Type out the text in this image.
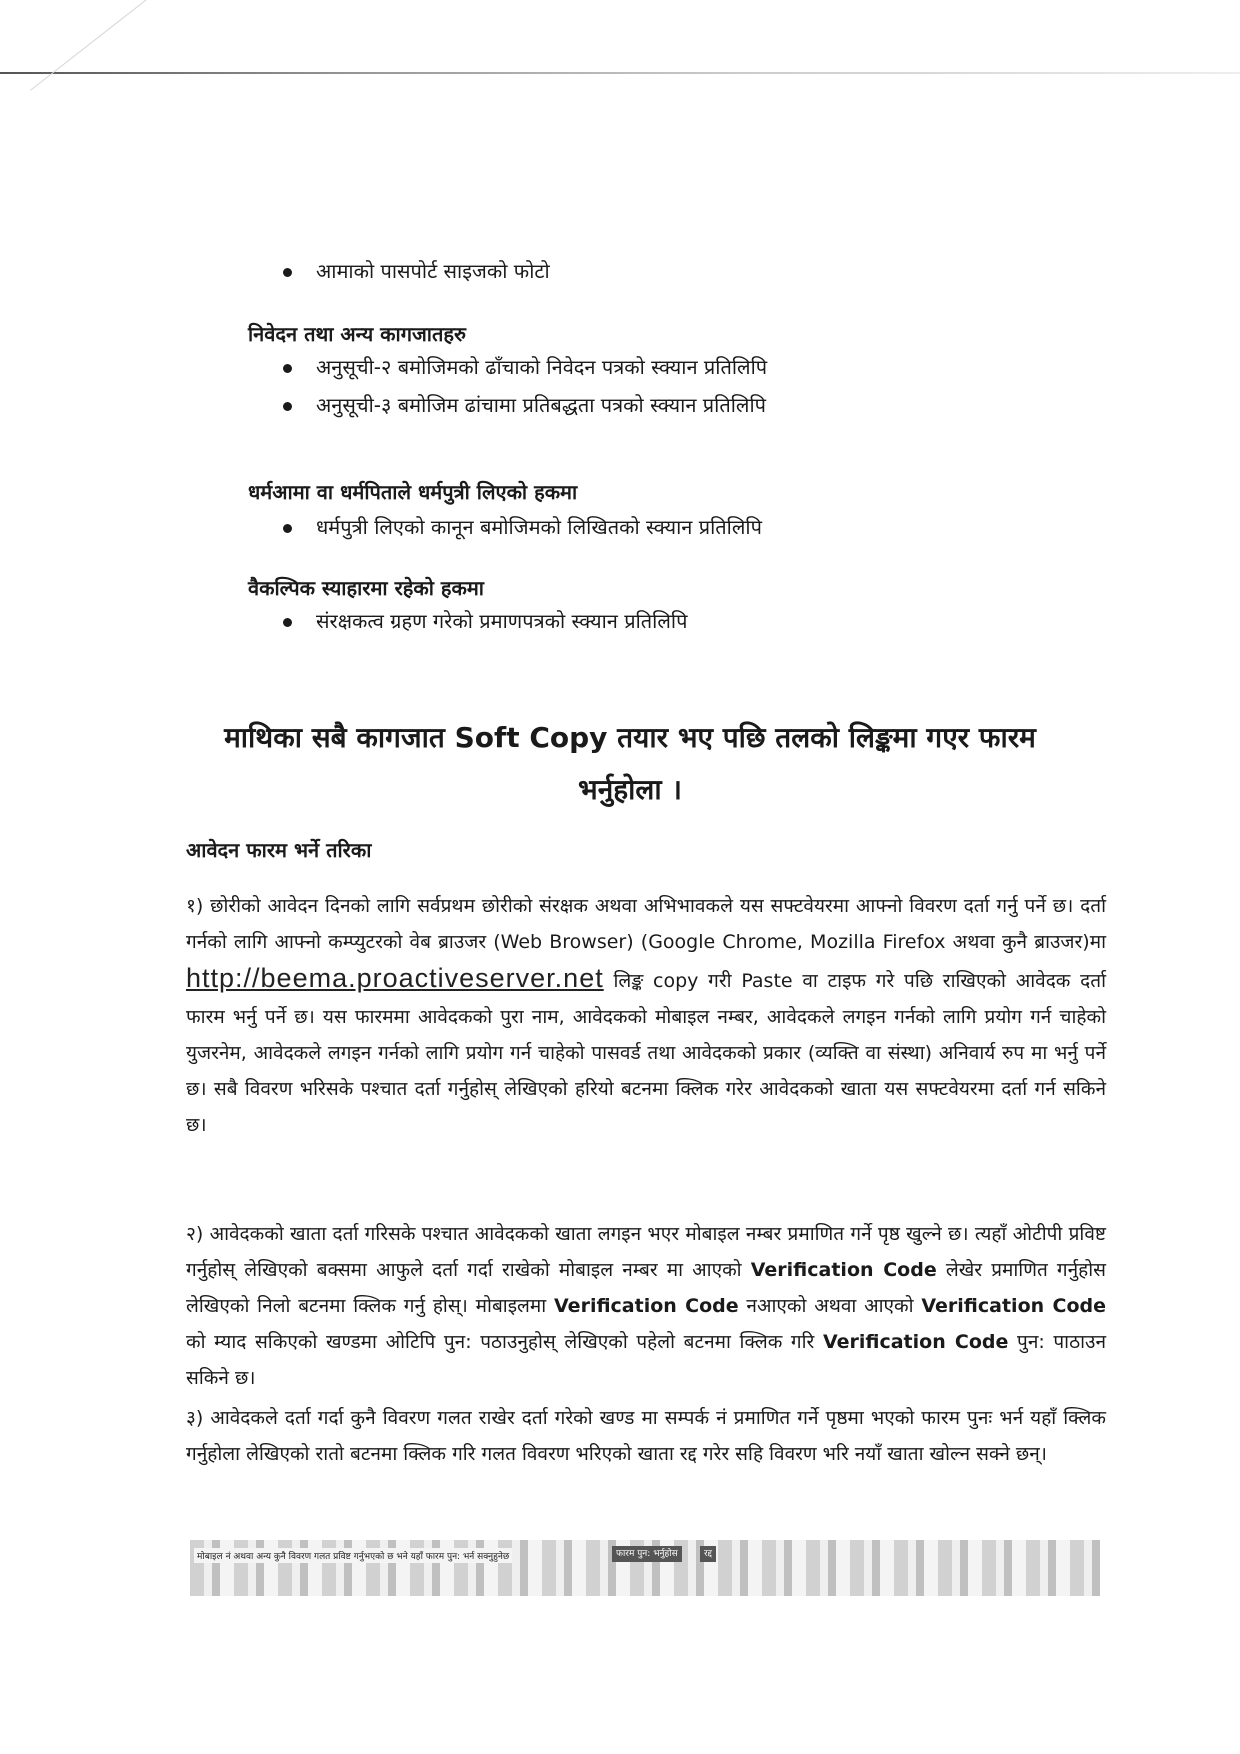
आमाको पासपोर्ट साइजको फोटो
निवेदन तथा अन्य कागजातहरु
अनुसूची-२ बमोजिमको ढाँचाको निवेदन पत्रको स्क्यान प्रतिलिपि
अनुसूची-३ बमोजिम ढांचामा प्रतिबद्धता पत्रको स्क्यान प्रतिलिपि
धर्मआमा वा धर्मपिताले धर्मपुत्री लिएको हकमा
धर्मपुत्री लिएको कानून बमोजिमको लिखितको स्क्यान प्रतिलिपि
वैकल्पिक स्याहारमा रहेको हकमा
संरक्षकत्व ग्रहण गरेको प्रमाणपत्रको स्क्यान प्रतिलिपि
माथिका सबै कागजात Soft Copy तयार भए पछि तलको लिङ्कमा गएर फारम
भर्नुहोला ।
आवेदन फारम भर्ने तरिका
१) छोरीको आवेदन दिनको लागि सर्वप्रथम छोरीको संरक्षक अथवा अभिभावकले यस सफ्टवेयरमा आफ्नो विवरण दर्ता गर्नु पर्ने छ। दर्ता गर्नको लागि आफ्नो कम्प्युटरको वेब ब्राउजर (Web Browser) (Google Chrome, Mozilla Firefox अथवा कुनै ब्राउजर)मा http://beema.proactiveserver.net लिङ्क copy गरी Paste वा टाइफ गरे पछि राखिएको आवेदक दर्ता फारम भर्नु पर्ने छ। यस फारममा आवेदकको पुरा नाम, आवेदकको मोबाइल नम्बर, आवेदकले लगइन गर्नको लागि प्रयोग गर्न चाहेको युजरनेम, आवेदकले लगइन गर्नको लागि प्रयोग गर्न चाहेको पासवर्ड तथा आवेदकको प्रकार (व्यक्ति वा संस्था) अनिवार्य रुप मा भर्नु पर्ने छ। सबै विवरण भरिसके पश्चात दर्ता गर्नुहोस् लेखिएको हरियो बटनमा क्लिक गरेर आवेदकको खाता यस सफ्टवेयरमा दर्ता गर्न सकिने छ।
२) आवेदकको खाता दर्ता गरिसके पश्चात आवेदकको खाता लगइन भएर मोबाइल नम्बर प्रमाणित गर्ने पृष्ठ खुल्ने छ। त्यहाँ ओटीपी प्रविष्ट गर्नुहोस् लेखिएको बक्समा आफुले दर्ता गर्दा राखेको मोबाइल नम्बर मा आएको Verification Code लेखेर प्रमाणित गर्नुहोस लेखिएको निलो बटनमा क्लिक गर्नु होस्। मोबाइलमा Verification Code नआएको अथवा आएको Verification Code को म्याद सकिएको खण्डमा ओटिपि पुन: पठाउनुहोस् लेखिएको पहेलो बटनमा क्लिक गरि Verification Code पुन: पाठाउन सकिने छ।
३) आवेदकले दर्ता गर्दा कुनै विवरण गलत राखेर दर्ता गरेको खण्ड मा सम्पर्क नं प्रमाणित गर्ने पृष्ठमा भएको फारम पुनः भर्न यहाँ क्लिक गर्नुहोला लेखिएको रातो बटनमा क्लिक गरि गलत विवरण भरिएको खाता रद्द गरेर सहि विवरण भरि नयाँ खाता खोल्न सक्ने छन्।
मोबाइल नं अथवा अन्य कुनै विवरण गलत प्रविष्ट गर्नुभएको छ भने यहाँ फारम पुन: भर्न सक्नुहुनेछ	फारम पुन: भर्नुहोस	रद्द
